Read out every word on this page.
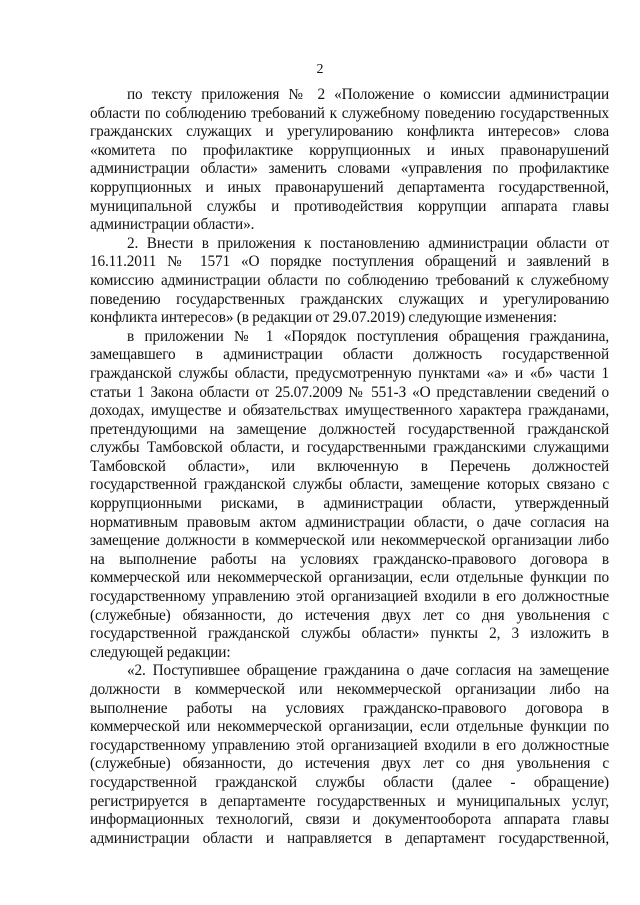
2
по тексту приложения № 2 «Положение о комиссии администрации
области по соблюдению требований к служебному поведению государственных
гражданских служащих и урегулированию конфликта интересов» слова
«комитета по профилактике коррупционных и иных правонарушений
администрации области» заменить словами «управления по профилактике
коррупционных и иных правонарушений департамента государственной,
муниципальной службы и противодействия коррупции аппарата главы
администрации области».
2. Внести в приложения к постановлению администрации области от
16.11.2011 № 1571 «О порядке поступления обращений и заявлений в
комиссию администрации области по соблюдению требований к служебному
поведению государственных гражданских служащих и урегулированию
конфликта интересов» (в редакции от 29.07.2019) следующие изменения:
в приложении № 1 «Порядок поступления обращения гражданина,
замещавшего в администрации области должность государственной
гражданской службы области, предусмотренную пунктами «а» и «б» части 1
статьи 1 Закона области от 25.07.2009 № 551-З «О представлении сведений о
доходах, имуществе и обязательствах имущественного характера гражданами,
претендующими на замещение должностей государственной гражданской
службы Тамбовской области, и государственными гражданскими служащими
Тамбовской области», или включенную в Перечень должностей
государственной гражданской службы области, замещение которых связано с
коррупционными рисками, в администрации области, утвержденный
нормативным правовым актом администрации области, о даче согласия на
замещение должности в коммерческой или некоммерческой организации либо
на выполнение работы на условиях гражданско-правового договора в
коммерческой или некоммерческой организации, если отдельные функции по
государственному управлению этой организацией входили в его должностные
(служебные) обязанности, до истечения двух лет со дня увольнения с
государственной гражданской службы области» пункты 2, 3 изложить в
следующей редакции:
«2. Поступившее обращение гражданина о даче согласия на замещение
должности в коммерческой или некоммерческой организации либо на
выполнение работы на условиях гражданско-правового договора в
коммерческой или некоммерческой организации, если отдельные функции по
государственному управлению этой организацией входили в его должностные
(служебные) обязанности, до истечения двух лет со дня увольнения с
государственной гражданской службы области (далее - обращение)
регистрируется в департаменте государственных и муниципальных услуг,
информационных технологий, связи и документооборота аппарата главы
администрации области и направляется в департамент государственной,
